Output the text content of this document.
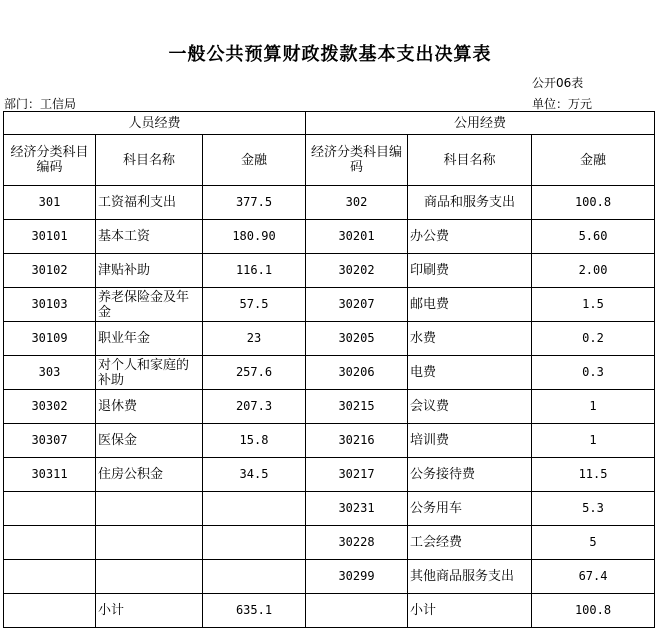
一般公共预算财政拨款基本支出决算表
公开06表
部门：工信局	单位：万元
人员经费			公用经费		
经济分类科目编码	科目名称	金融	经济分类科目编码	科目名称	金融
301	工资福利支出	377.5	302	商品和服务支出	100.8
30101	基本工资	180.90	30201	办公费	5.60
30102	津贴补助	116.1	30202	印刷费	2.00
30103	养老保险金及年金	57.5	30207	邮电费	1.5
30109	职业年金	23	30205	水费	0.2
303	对个人和家庭的补助	257.6	30206	电费	0.3
30302	退休费	207.3	30215	会议费	1
30307	医保金	15.8	30216	培训费	1
30311	住房公积金	34.5	30217	公务接待费	11.5
			30231	公务用车	5.3
			30228	工会经费	5
			30299	其他商品服务支出	67.4
	小计	635.1		小计	100.8
